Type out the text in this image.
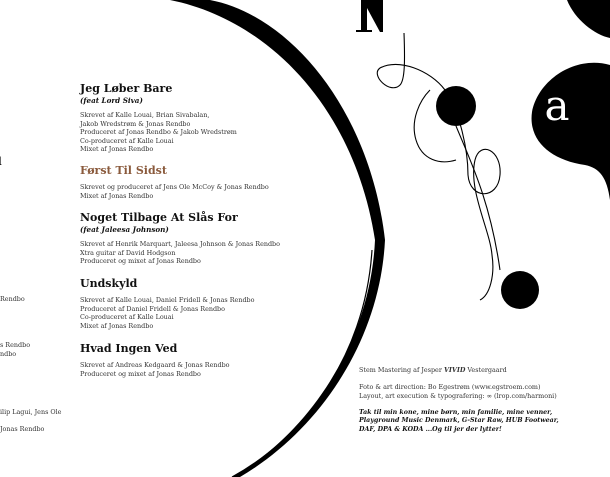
a
Rendbo
s Rendbo
ndbo
ilip Lagui, Jens Ole
Jonas Rendbo
Jeg Løber Bare
(feat Lord Siva)
Skrevet af Kalle Louai, Brian Sivabalan,
Jakob Wredstrøm & Jonas Rendbo
Produceret af Jonas Rendbo & Jakob Wredstrøm
Co-produceret af Kalle Louai
Mixet af Jonas Rendbo
Først Til Sidst
Skrevet og produceret af Jens Ole McCoy & Jonas Rendbo
Mixet af Jonas Rendbo
Noget Tilbage At Slås For
(feat Jaleesa Johnson)
Skrevet af Henrik Marquart, Jaleesa Johnson & Jonas Rendbo
Xtra guitar af David Hodgson
Produceret og mixet af Jonas Rendbo
Undskyld
Skrevet af Kalle Louai, Daniel Fridell & Jonas Rendbo
Produceret af Daniel Fridell & Jonas Rendbo
Co-produceret af Kalle Louai
Mixet af Jonas Rendbo
Hvad Ingen Ved
Skrevet af Andreas Kedgaard & Jonas Rendbo
Produceret og mixet af Jonas Rendbo	Stem Mastering af Jesper VIVID Vestergaard
Foto & art direction: Bo Egestrøm (www.egstroem.com)
Layout, art execution & typografering: ∞ (lrop.com/harmoni)
Tak til min kone, mine børn, min familie, mine venner,
Playground Music Denmark, G-Star Raw, HUB Footwear,
DAF, DPA & KODA ...Og til jer der lytter!
